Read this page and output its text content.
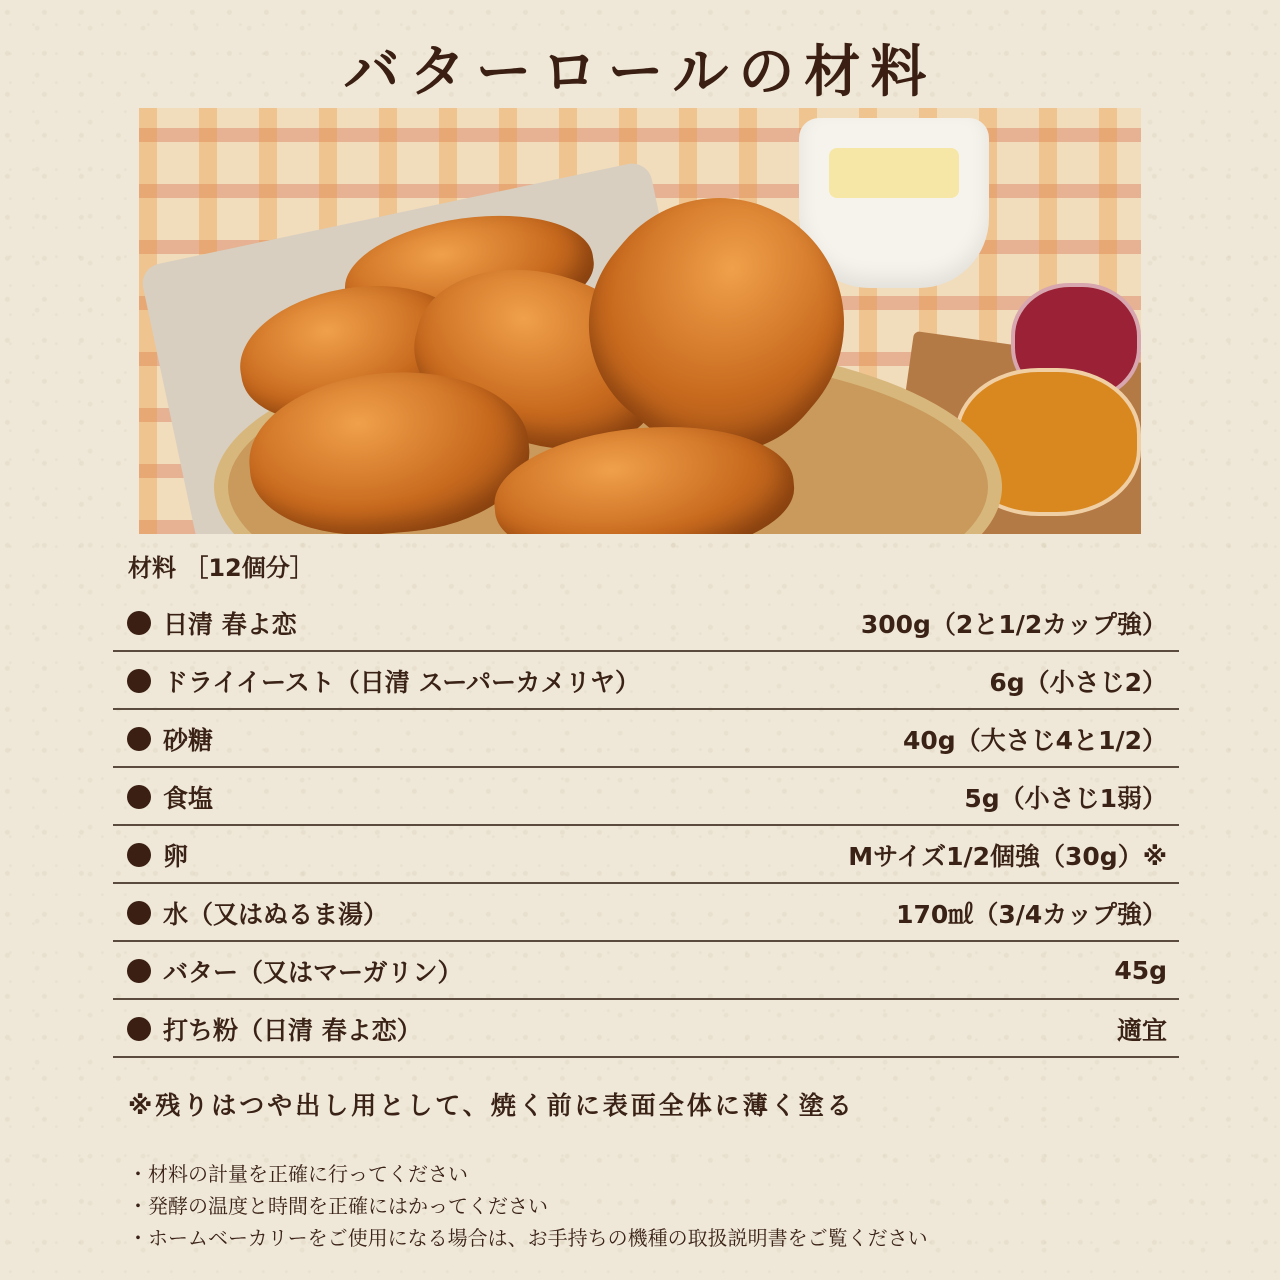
バターロールの材料
材料 ［12個分］
日清 春よ恋	300g（2と1/2カップ強）
ドライイースト（日清 スーパーカメリヤ）	6g（小さじ2）
砂糖	40g（大さじ4と1/2）
食塩	5g（小さじ1弱）
卵	Mサイズ1/2個強（30g）※
水（又はぬるま湯）	170㎖（3/4カップ強）
バター（又はマーガリン）	45g
打ち粉（日清 春よ恋）	適宜
※残りはつや出し用として、焼く前に表面全体に薄く塗る
・材料の計量を正確に行ってください
・発酵の温度と時間を正確にはかってください
・ホームベーカリーをご使用になる場合は、お手持ちの機種の取扱説明書をご覧ください
